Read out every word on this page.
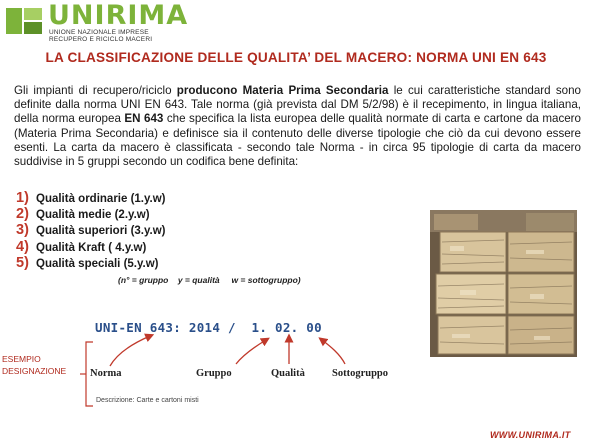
UNIRIMA
UNIONE NAZIONALE IMPRESE
RECUPERO E RICICLO MACERI
LA CLASSIFICAZIONE DELLE QUALITA’ DEL MACERO: NORMA UNI EN 643
Gli impianti di recupero/riciclo producono Materia Prima Secondaria le cui caratteristiche standard sono definite dalla norma UNI EN 643. Tale norma (già prevista dal DM 5/2/98) è il recepimento, in lingua italiana, della norma europea EN 643 che specifica la lista europea delle qualità normate di carta e cartone da macero (Materia Prima Secondaria) e definisce sia il contenuto delle diverse tipologie che ciò da cui devono essere esenti. La carta da macero è classificata - secondo tale Norma - in circa 95 tipologie di carta da macero suddivise in 5 gruppi secondo un codifica bene definita:
1) Qualità ordinarie (1.y.w)
2) Qualità medie (2.y.w)
3) Qualità superiori (3.y.w)
4) Qualità Kraft ( 4.y.w)
5) Qualità speciali (5.y.w)
(n° = gruppo    y = qualità     w = sottogruppo)
UNI-EN 643: 2014 /  1. 02. 00
ESEMPIO
DESIGNAZIONE Norma	Gruppo	Qualità	Sottogruppo
Descrizione: Carte e cartoni misti
WWW.UNIRIMA.IT
